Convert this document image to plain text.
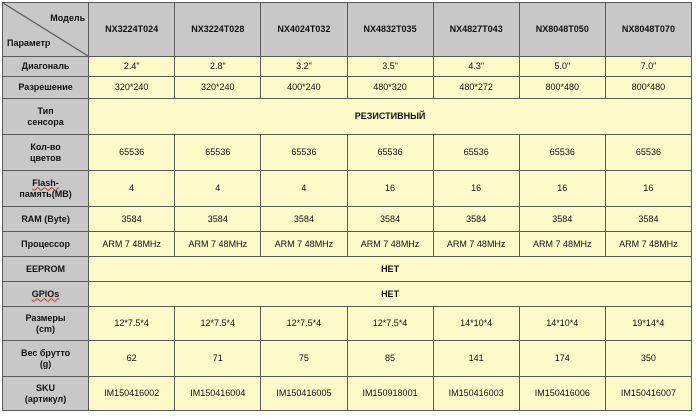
Модель
Параметр	NX3224T024	NX3224T028	NX4024T032	NX4832T035	NX4827T043	NX8048T050	NX8048T070
Диагональ	2.4"	2.8"	3.2"	3.5"	4.3"	5.0"	7.0"
Разрешение	320*240	320*240	400*240	480*320	480*272	800*480	800*480
Тип
сенсора	РЕЗИСТИВНЫЙ						
Кол-во
цветов	65536	65536	65536	65536	65536	65536	65536
Flash-
память(MB)	4	4	4	16	16	16	16
RAM (Byte)	3584	3584	3584	3584	3584	3584	3584
Процессор	ARM 7 48MHz	ARM 7 48MHz	ARM 7 48MHz	ARM 7 48MHz	ARM 7 48MHz	ARM 7 48MHz	ARM 7 48MHz
EEPROM	НЕТ						
GPIOs	НЕТ						
Размеры
(cm)	12*7.5*4	12*7.5*4	12*7.5*4	12*7.5*4	14*10*4	14*10*4	19*14*4
Вес брутто
(g)	62	71	75	85	141	174	350
SKU
(артикул)	IM150416002	IM150416004	IM150416005	IM150918001	IM150416003	IM150416006	IM150416007
